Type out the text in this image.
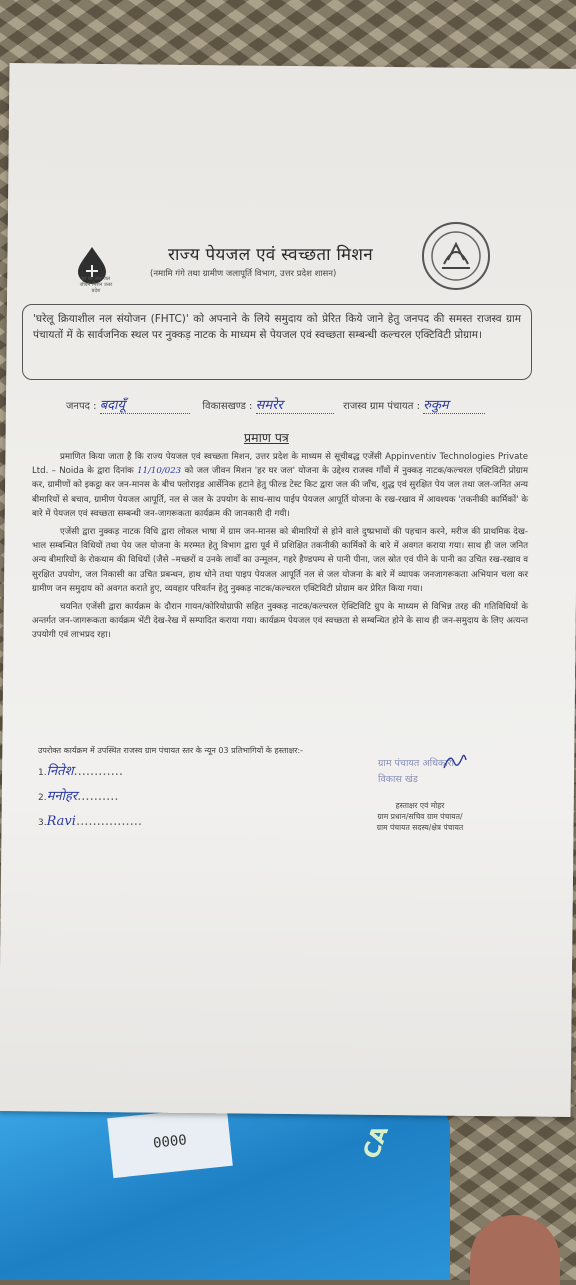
0000	CA
हर घर जल जल जीवन मिशन उत्तर प्रदेश
राज्य पेयजल एवं स्वच्छता मिशन
(नमामि गंगे तथा ग्रामीण जलापूर्ति विभाग, उत्तर प्रदेश शासन)
'घरेलू क्रियाशील नल संयोजन (FHTC)' को अपनाने के लिये समुदाय को प्रेरित किये जाने हेतु जनपद की समस्त राजस्व ग्राम पंचायतों में के सार्वजनिक स्थल पर नुक्कड़ नाटक के माध्यम से पेयजल एवं स्वच्छता सम्बन्धी कल्चरल एक्टिविटी प्रोग्राम।
जनपद : बदायूँ	विकासखण्ड : समरेर	राजस्व ग्राम पंचायत : रुकुम
प्रमाण पत्र

प्रमाणित किया जाता है कि राज्य पेयजल एवं स्वच्छता मिशन, उत्तर प्रदेश के माध्यम से सूचीबद्ध एजेंसी Appinventiv Technologies Private Ltd. – Noida के द्वारा दिनांक 11/10/023 को जल जीवन मिशन 'हर घर जल' योजना के उद्देश्य राजस्व गाँवों में नुक्कड़ नाटक/कल्चरल एक्टिविटी प्रोग्राम कर, ग्रामीणों को इकट्ठा कर जन-मानस के बीच फ्लोराइड आर्सेनिक हटाने हेतु फील्ड टेस्ट किट द्वारा जल की जाँच, शुद्ध एवं सुरक्षित पेय जल तथा जल-जनित अन्य बीमारियों से बचाव, ग्रामीण पेयजल आपूर्ति, नल से जल के उपयोग के साथ-साथ पाईप पेयजल आपूर्ति योजना के रख-रखाव में आवश्यक 'तकनीकी कार्मिकों' के बारे में पेयजल एवं स्वच्छता सम्बन्धी जन-जागरूकता कार्यक्रम की जानकारी दी गयी।

एजेंसी द्वारा नुक्कड़ नाटक विधि द्वारा लोकल भाषा में ग्राम जन-मानस को बीमारियों से होने वाले दुष्प्रभावों की पहचान करने, मरीज की प्राथमिक देख-भाल सम्बन्धित विधियों तथा पेय जल योजना के मरम्मत हेतु विभाग द्वारा पूर्व में प्रशिक्षित तकनीकी कार्मिकों के बारे में अवगत कराया गया। साथ ही जल जनित अन्य बीमारियों के रोकथाम की विधियों (जैसे –मच्छरों व उनके लार्वों का उन्मूलन, गहरे हैण्डपम्प से पानी पीना, जल स्रोत एवं पीने के पानी का उचित रख-रखाव व सुरक्षित उपयोग, जल निकासी का उचित प्रबन्धन, हाथ धोने तथा पाइप पेयजल आपूर्ति नल से जल योजना के बारे में व्यापक जनजागरूकता अभियान चला कर ग्रामीण जन समुदाय को अवगत कराते हुए, व्यवहार परिवर्तन हेतु नुक्कड़ नाटक/कल्चरल एक्टिविटी प्रोग्राम कर प्रेरित किया गया।

चयनित एजेंसी द्वारा कार्यक्रम के दौरान गायन/कोरियोग्राफी सहित नुक्कड़ नाटक/कल्चरल ऐक्टिविटि ग्रुप के माध्यम से विभिन्न तरह की गतिविधियों के अन्तर्गत जन-जागरूकता कार्यक्रम भेंटी देख-रेख में सम्पादित कराया गया। कार्यक्रम पेयजल एवं स्वच्छता से सम्बन्धित होने के साथ ही जन-समुदाय के लिए अत्यन्त उपयोगी एवं लाभप्रद रहा।

उपरोक्त कार्यक्रम में उपस्थित राजस्व ग्राम पंचायत स्तर के न्यून 03 प्रतिभागियों के हस्ताक्षर:-
1.नितेश............
2.मनोहर..........
3.Ravi................
ग्राम पंचायत अधिकारी
विकास खंड
हस्ताक्षर एवं मोहर
ग्राम प्रधान/सचिव ग्राम पंचायत/
ग्राम पंचायत सदस्य/क्षेत्र पंचायत
